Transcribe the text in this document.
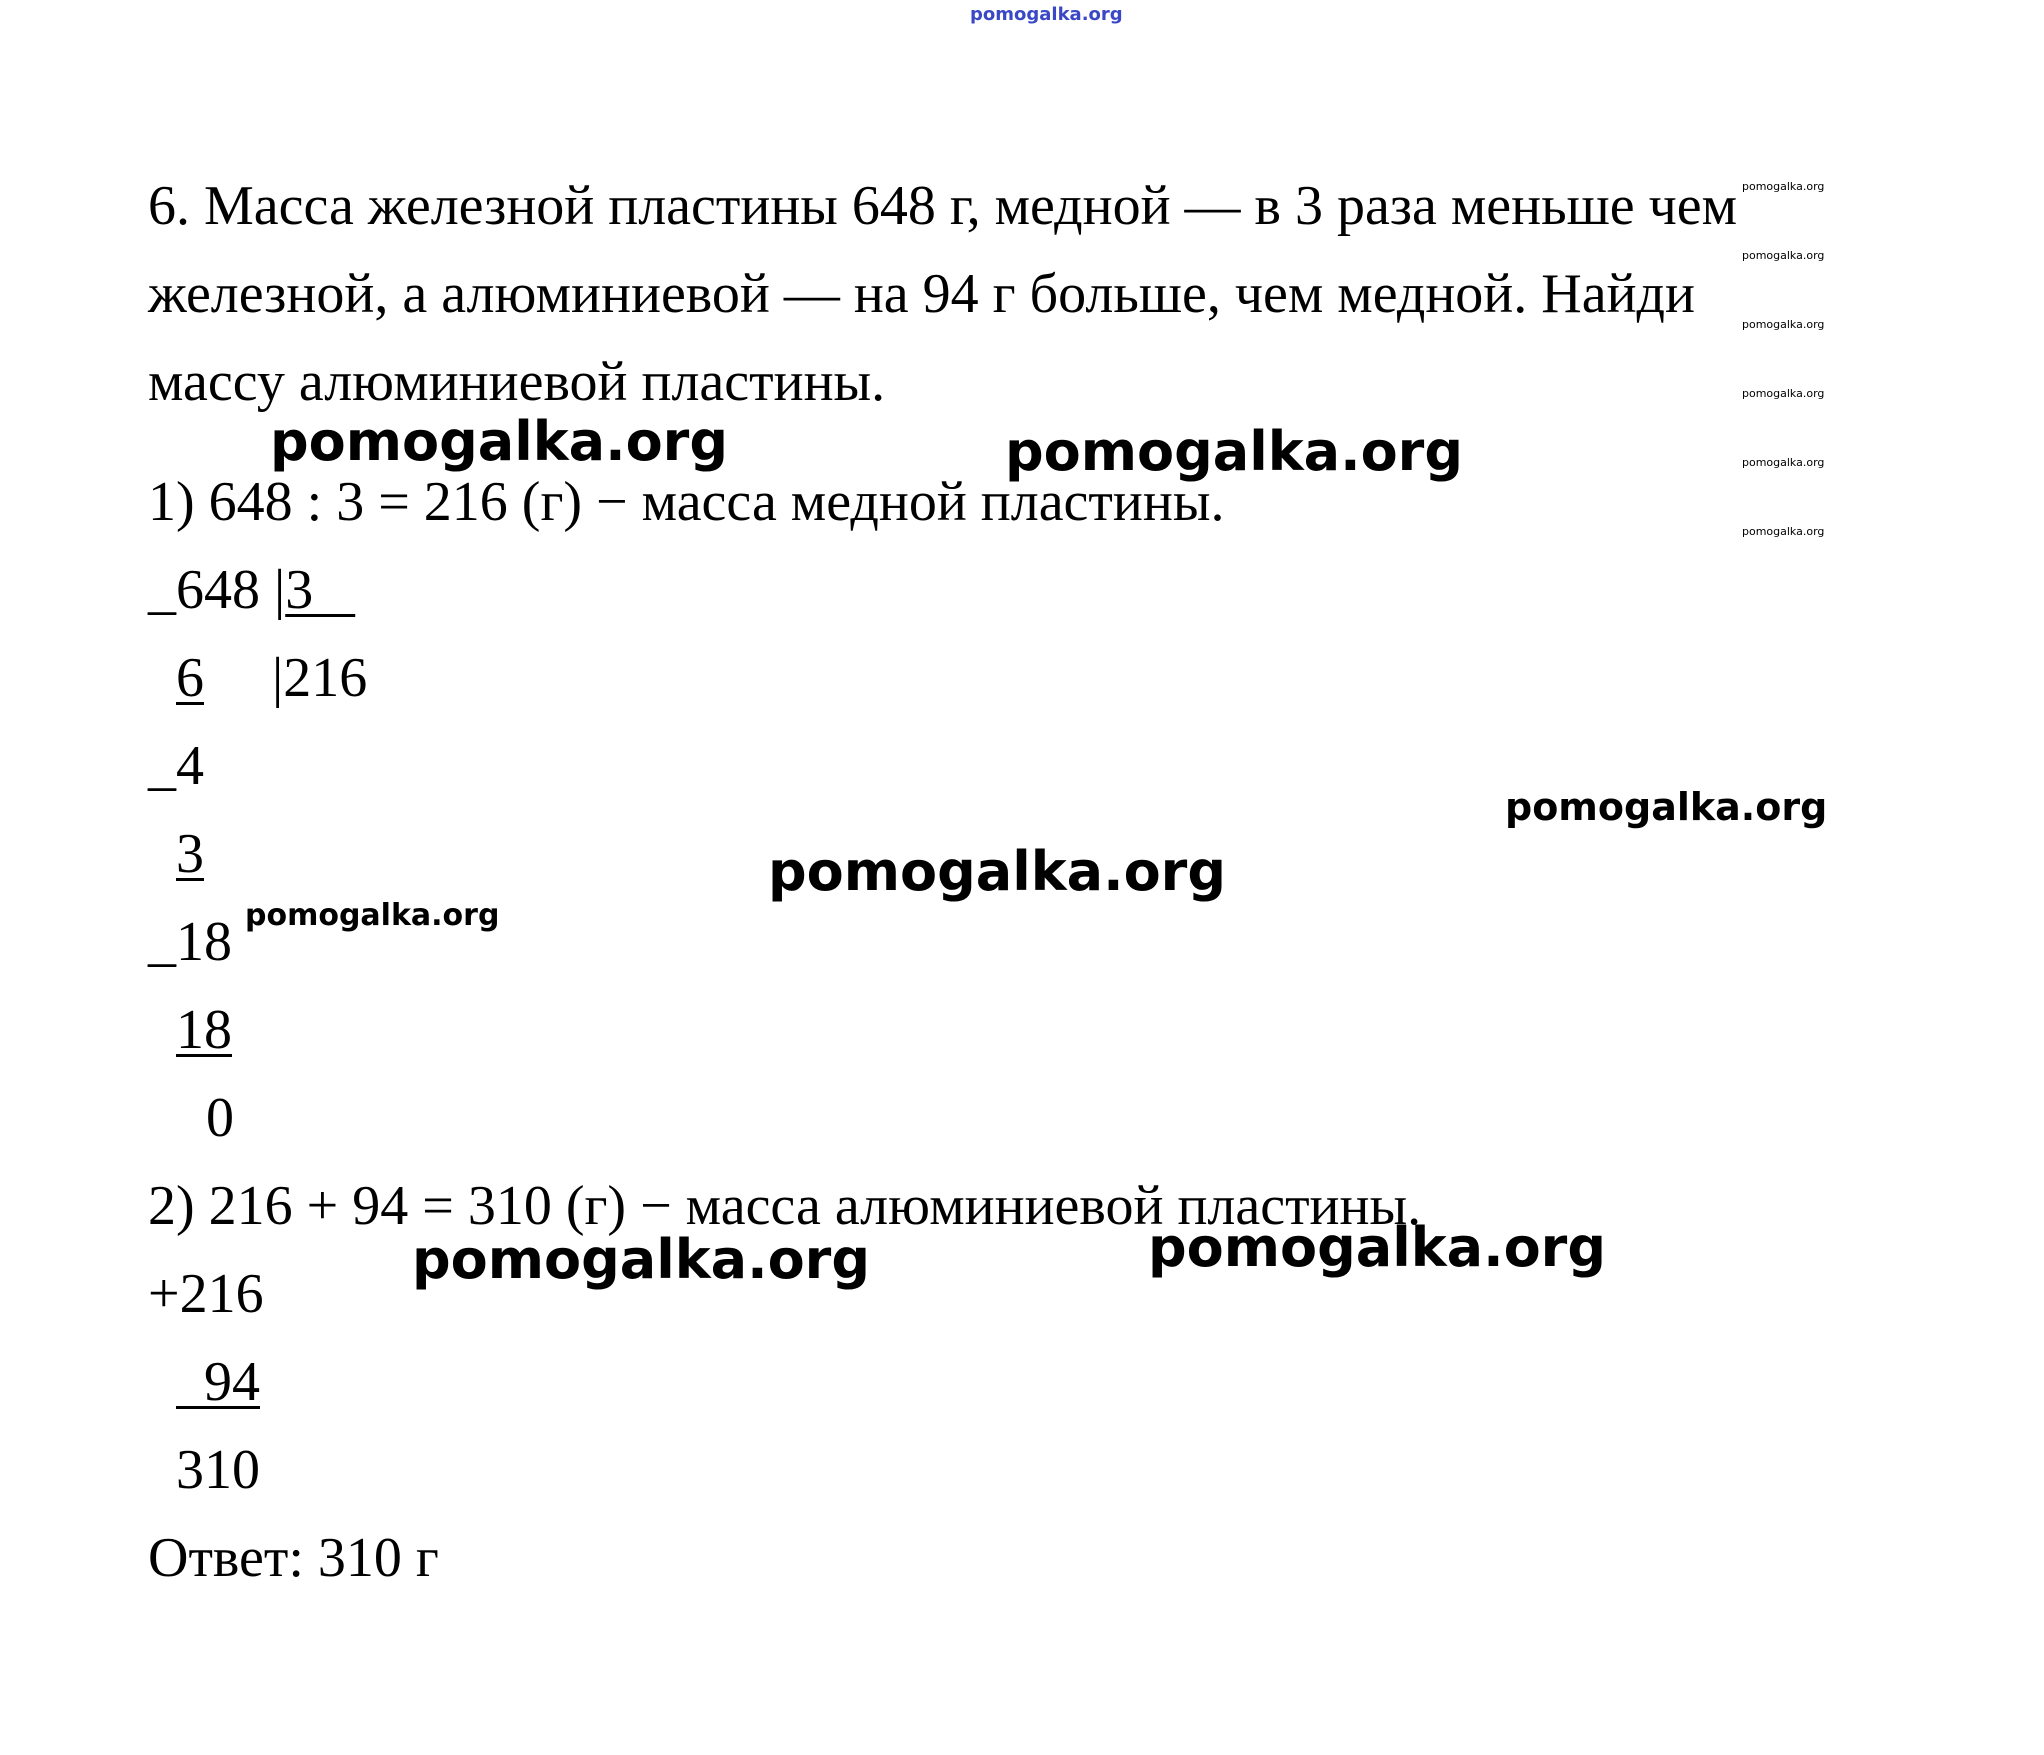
pomogalka.org
6. Масса железной пластины 648 г, медной — в 3 раза меньше чем
железной, а алюминиевой — на 94 г больше, чем медной. Найди
массу алюминиевой пластины.
1) 648 : 3 = 216 (г) − масса медной пластины.
_648 |3
6 |216
_4
3
_18
18
0
2) 216 + 94 = 310 (г) − масса алюминиевой пластины.
+216
94
310
Ответ: 310 г
pomogalka.org	pomogalka.org
pomogalka.org
pomogalka.org
pomogalka.org
pomogalka.org	pomogalka.org
pomogalka.org
pomogalka.org
pomogalka.org
pomogalka.org
pomogalka.org
pomogalka.org
